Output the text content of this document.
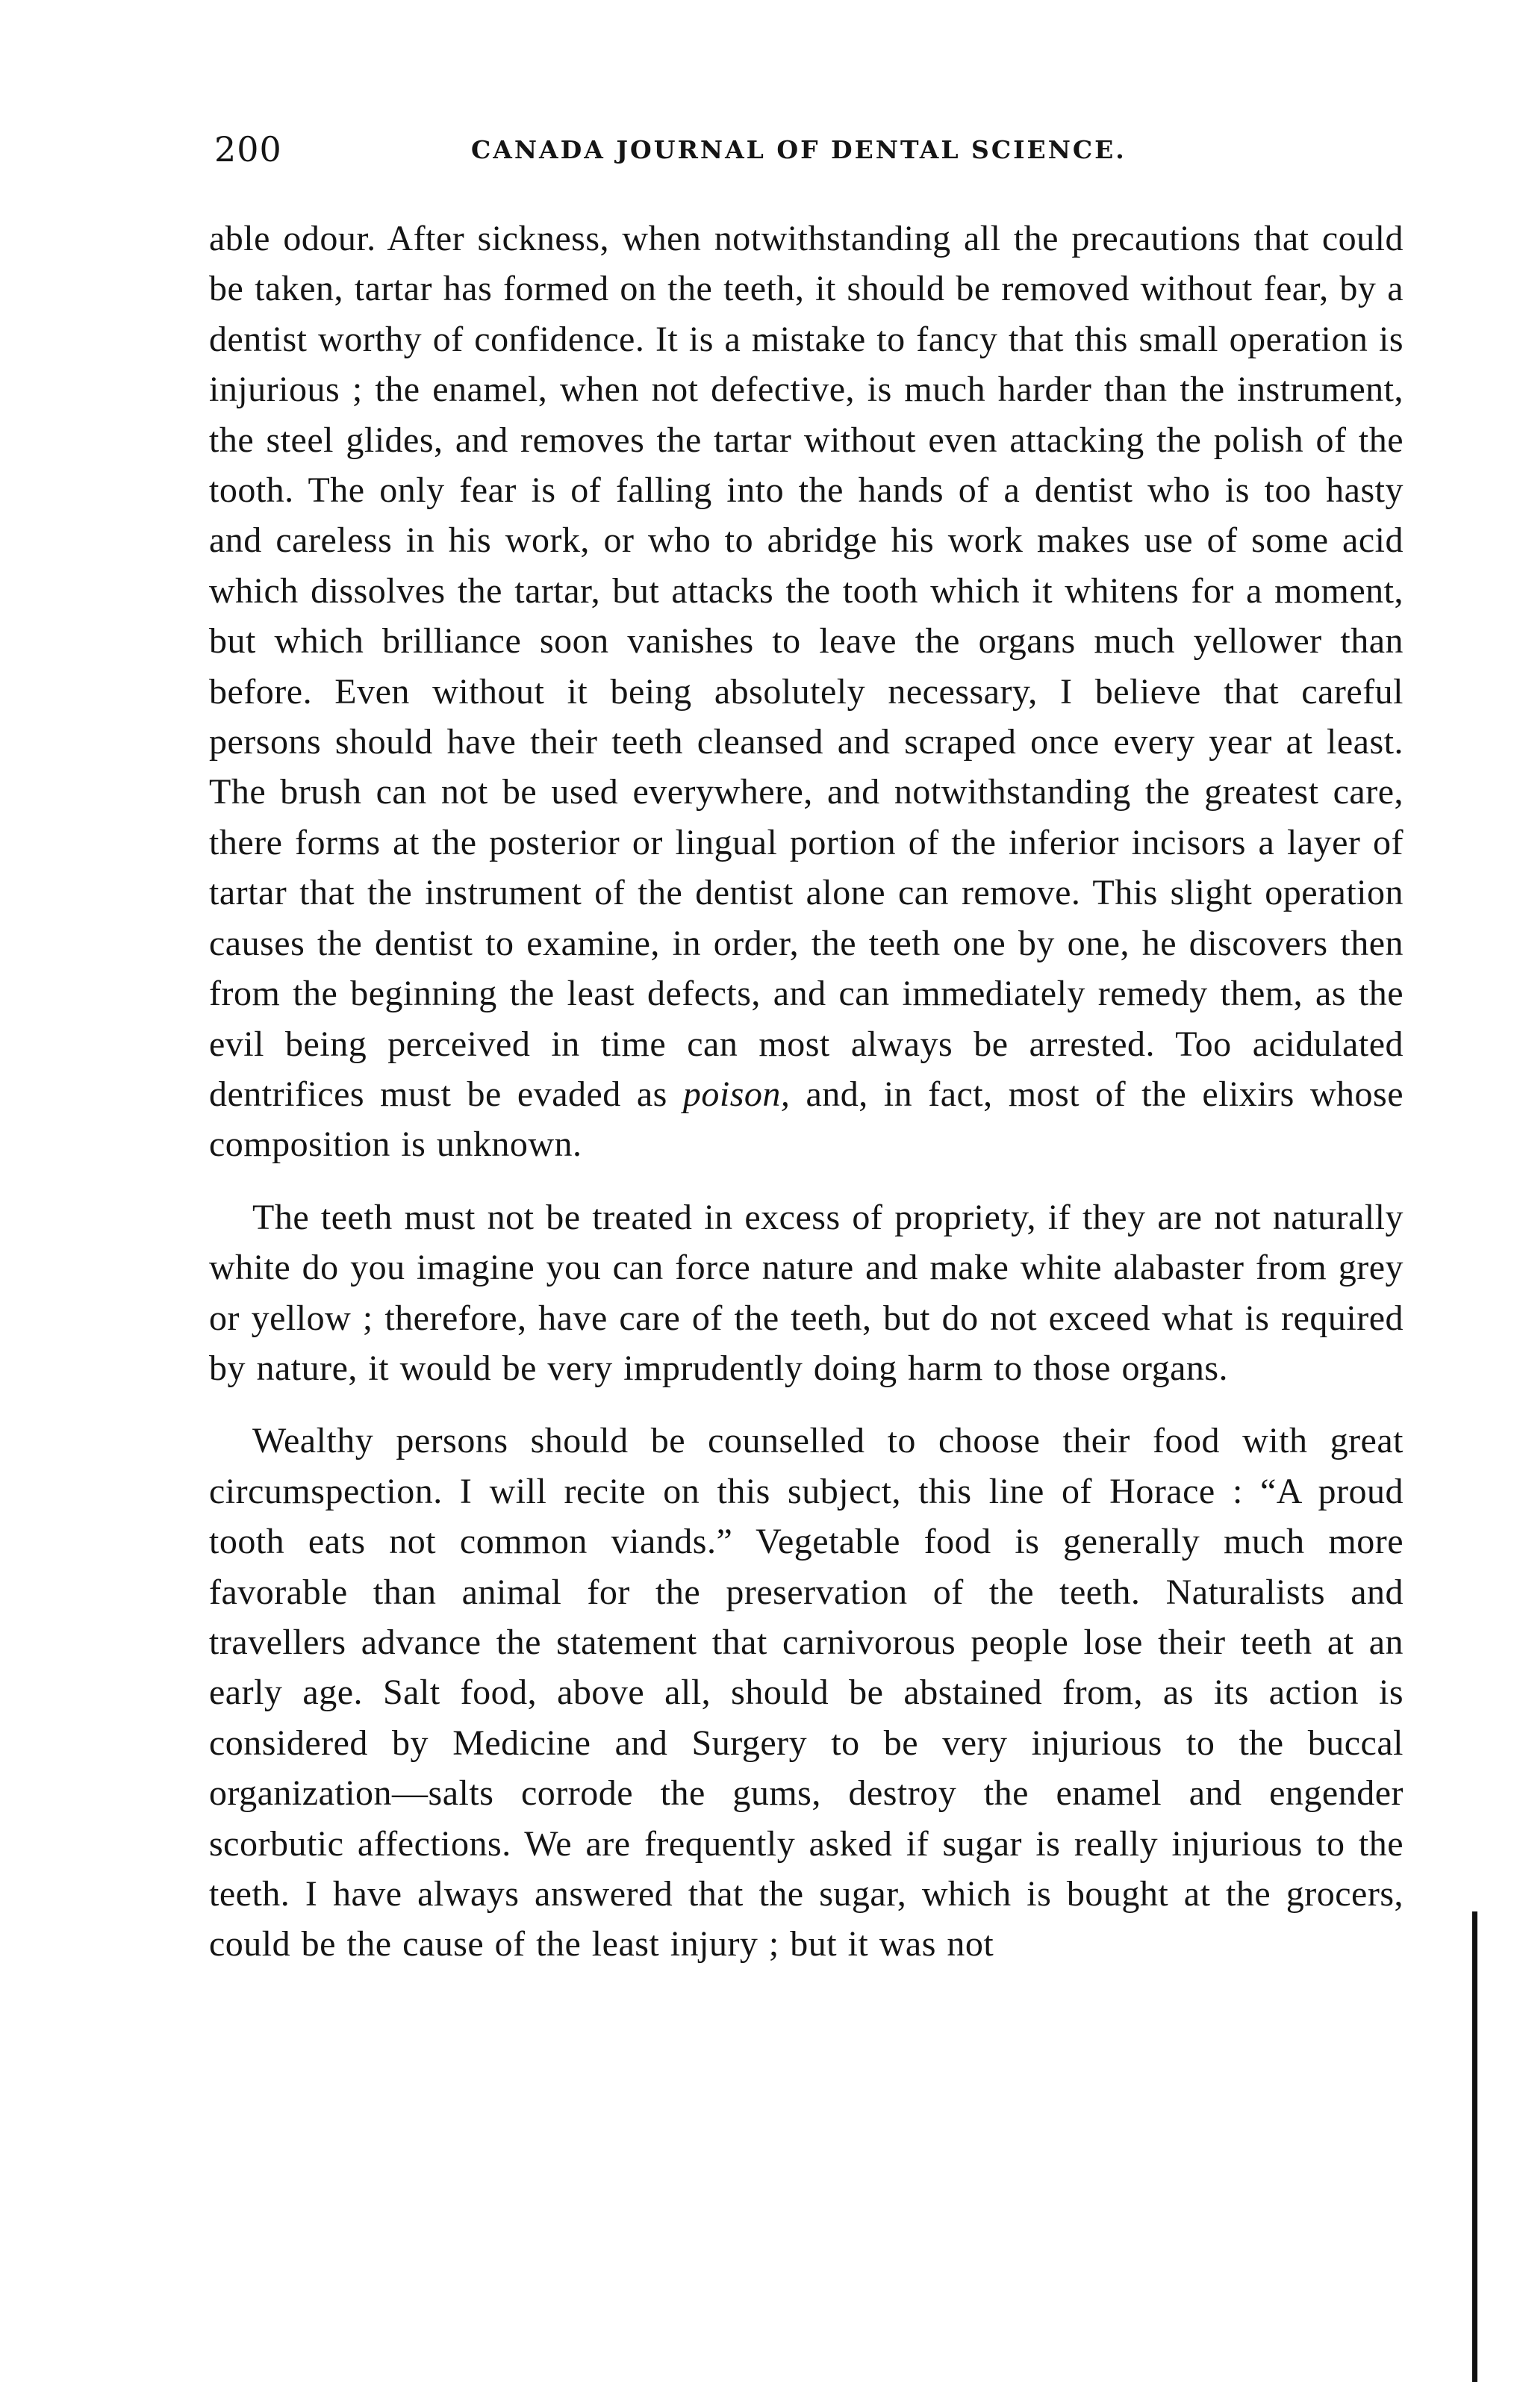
200	CANADA JOURNAL OF DENTAL SCIENCE.

able odour. After sickness, when notwithstanding all the precautions that could be taken, tartar has formed on the teeth, it should be removed without fear, by a dentist worthy of confidence. It is a mistake to fancy that this small operation is injurious ; the enamel, when not defective, is much harder than the instrument, the steel glides, and removes the tartar without even attacking the polish of the tooth. The only fear is of falling into the hands of a dentist who is too hasty and careless in his work, or who to abridge his work makes use of some acid which dissolves the tartar, but attacks the tooth which it whitens for a moment, but which brilliance soon vanishes to leave the organs much yellower than before. Even without it being absolutely necessary, I believe that careful persons should have their teeth cleansed and scraped once every year at least. The brush can not be used everywhere, and notwithstanding the greatest care, there forms at the posterior or lingual portion of the inferior incisors a layer of tartar that the instrument of the dentist alone can remove. This slight operation causes the dentist to examine, in order, the teeth one by one, he discovers then from the beginning the least defects, and can immediately remedy them, as the evil being perceived in time can most always be arrested. Too acidulated dentrifices must be evaded as poison, and, in fact, most of the elixirs whose composition is unknown.

The teeth must not be treated in excess of propriety, if they are not naturally white do you imagine you can force nature and make white alabaster from grey or yellow ; therefore, have care of the teeth, but do not exceed what is required by nature, it would be very imprudently doing harm to those organs.

Wealthy persons should be counselled to choose their food with great circumspection. I will recite on this subject, this line of Horace : “A proud tooth eats not common viands.” Vegetable food is generally much more favorable than animal for the preservation of the teeth. Naturalists and travellers advance the statement that carnivorous people lose their teeth at an early age. Salt food, above all, should be abstained from, as its action is considered by Medicine and Surgery to be very injurious to the buccal organization—salts corrode the gums, destroy the enamel and engender scorbutic affections. We are frequently asked if sugar is really injurious to the teeth. I have always answered that the sugar, which is bought at the grocers, could be the cause of the least injury ; but it was not
